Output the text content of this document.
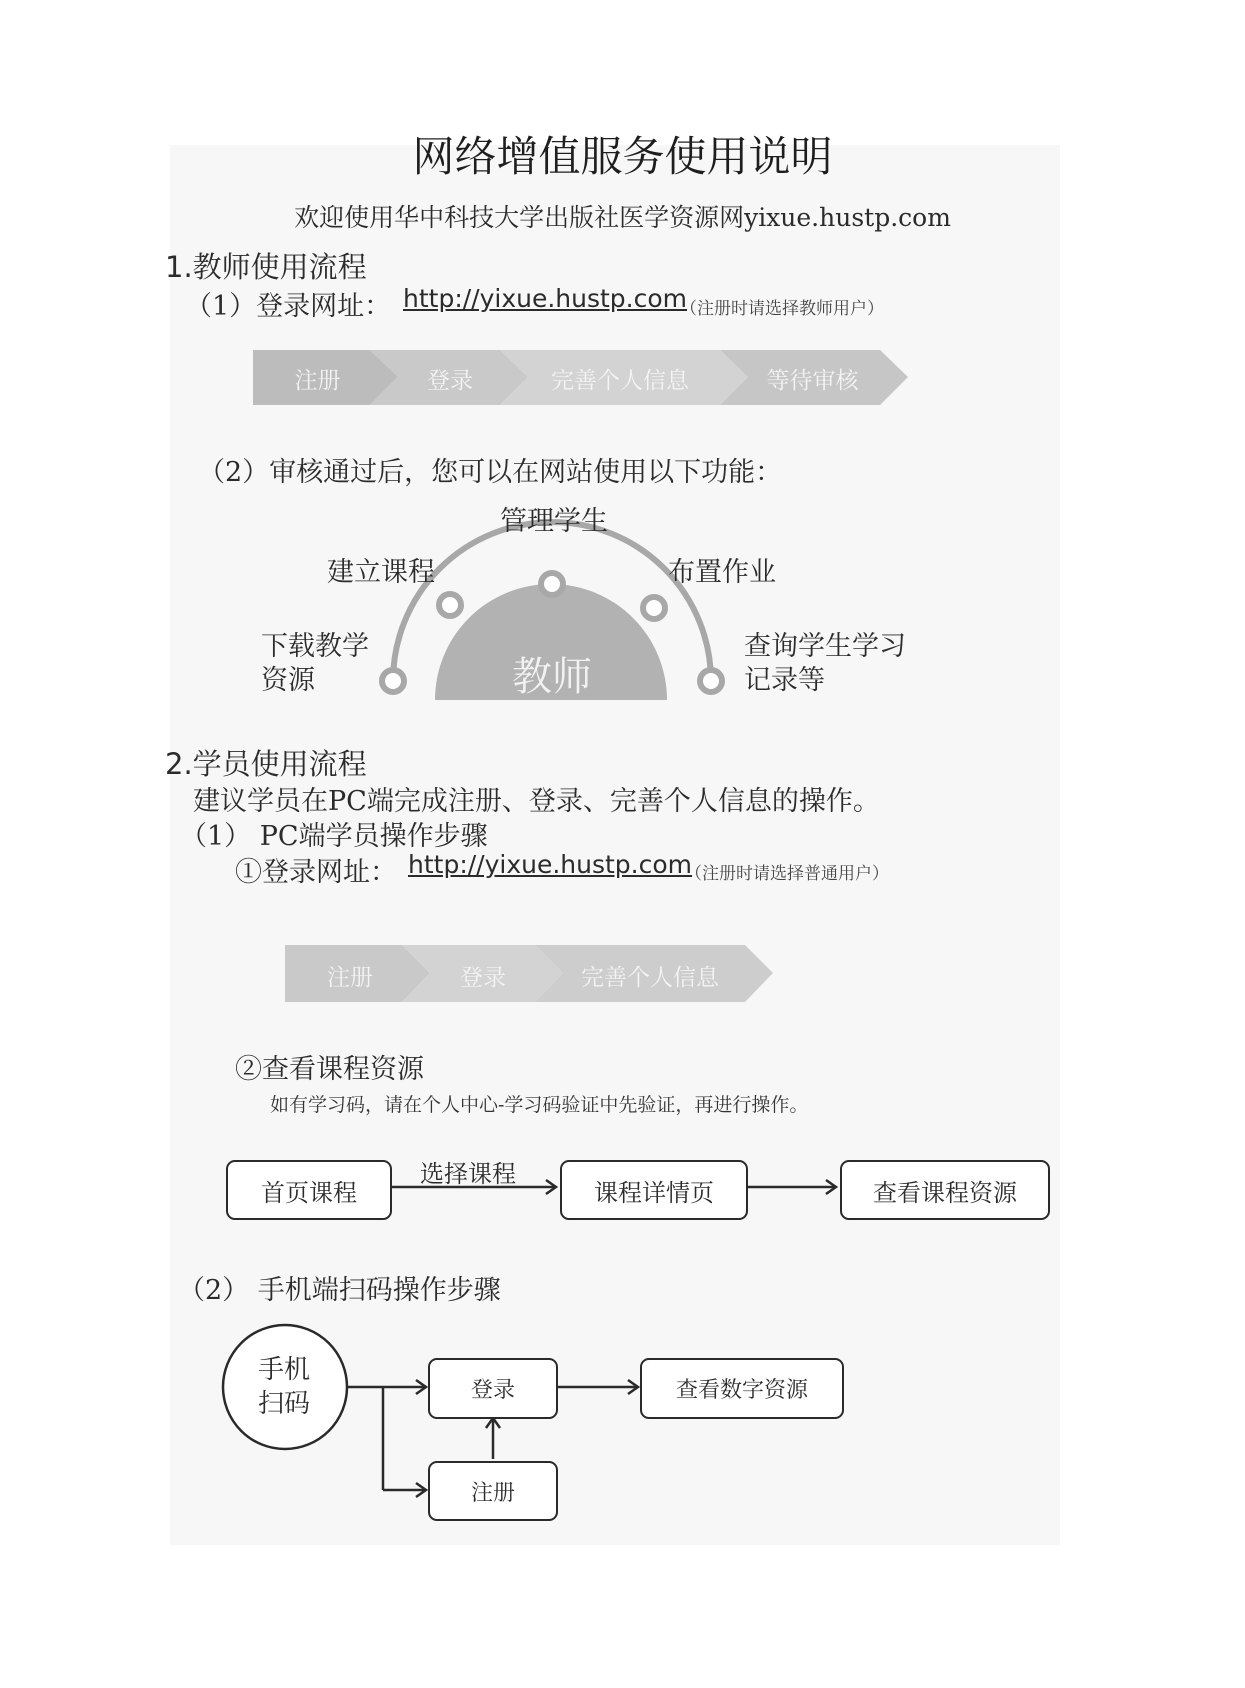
网络增值服务使用说明
欢迎使用华中科技大学出版社医学资源网yixue.hustp.com
1.教师使用流程
（1）登录网址： http://yixue.hustp.com
（注册时请选择教师用户）
注册	登录	完善个人信息	等待审核
（2）审核通过后，您可以在网站使用以下功能：
教师
管理学生
建立课程	布置作业
下载教学
资源
查询学生学习
记录等
2.学员使用流程
建议学员在PC端完成注册、登录、完善个人信息的操作。
（1） PC端学员操作步骤
①登录网址： http://yixue.hustp.com
（注册时请选择普通用户）
注册	登录	完善个人信息
②查看课程资源
如有学习码，请在个人中心-学习码验证中先验证，再进行操作。
首页课程	课程详情页	查看课程资源
选择课程
（2） 手机端扫码操作步骤
手机
扫码	登录	查看数字资源
注册
